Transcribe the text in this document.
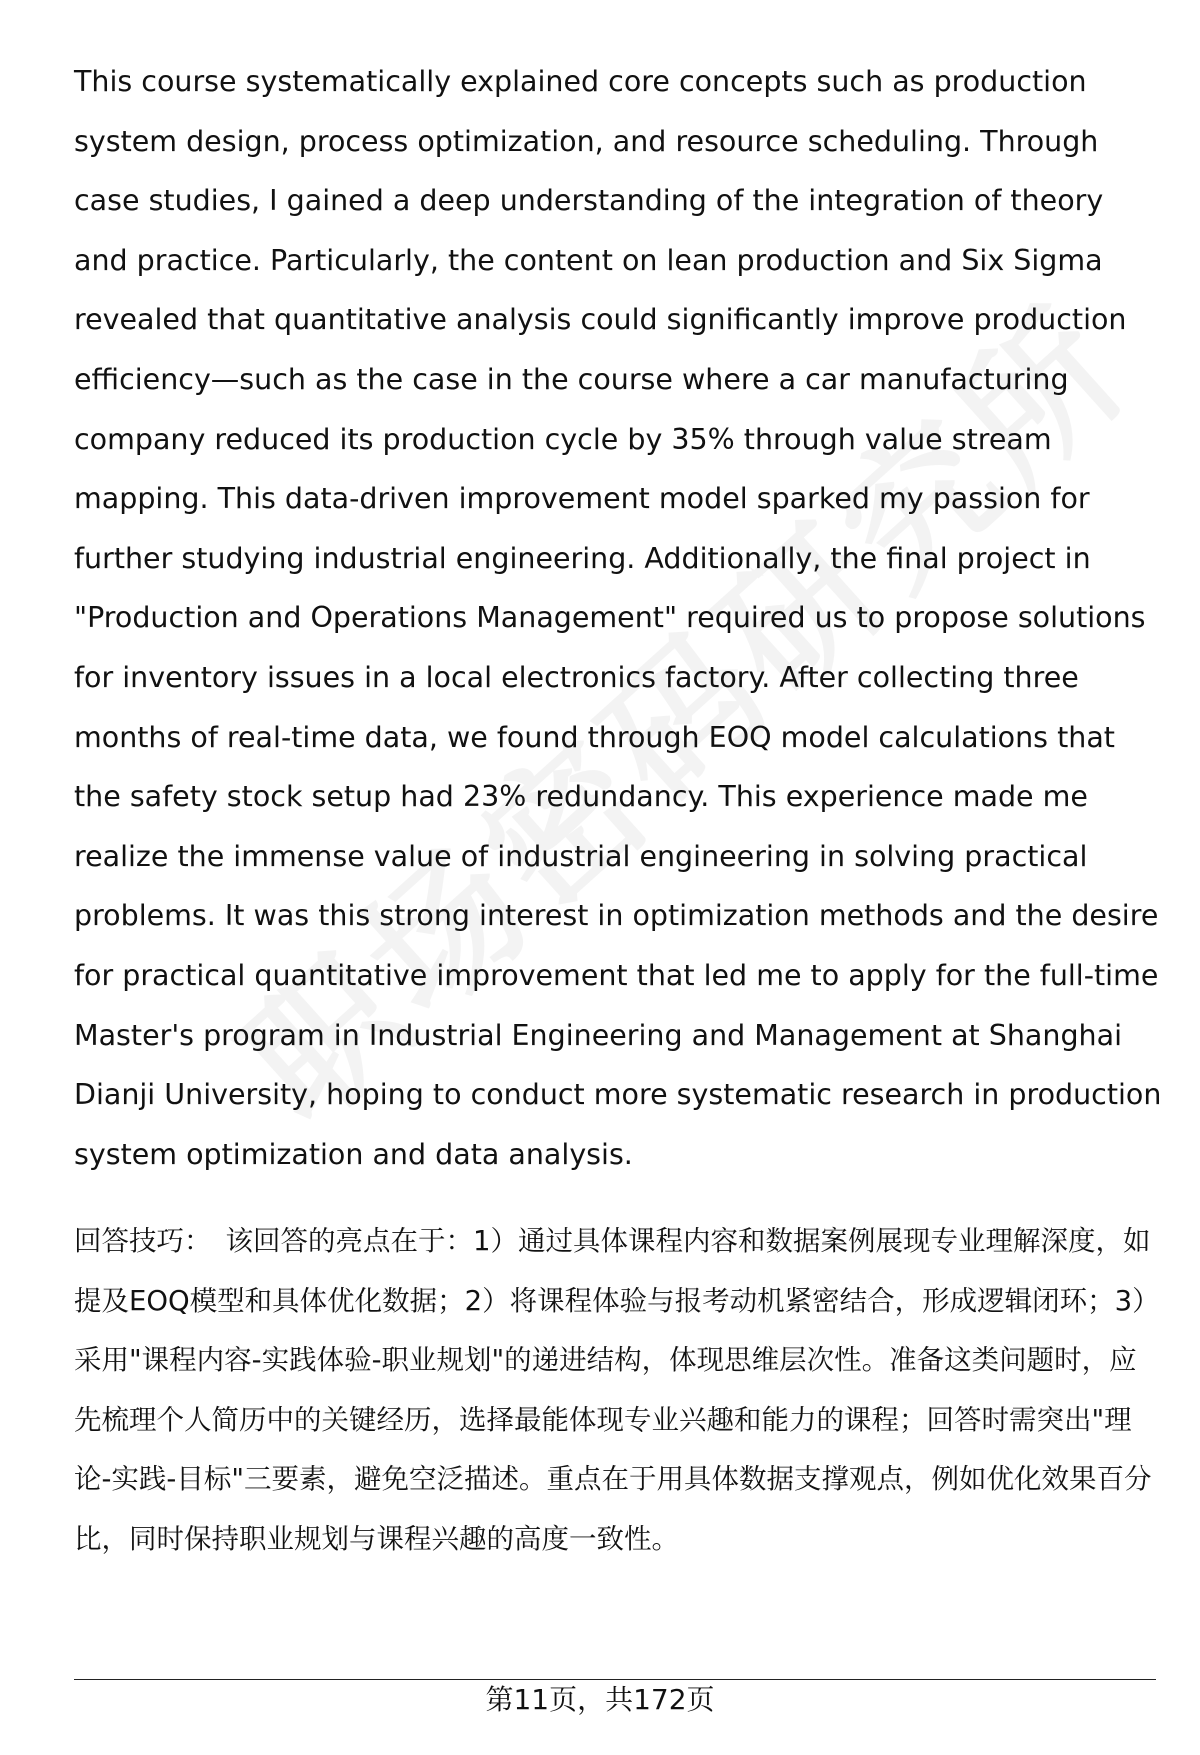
This course systematically explained core concepts such as production system design, process optimization, and resource scheduling. Through case studies, I gained a deep understanding of the integration of theory and practice. Particularly, the content on lean production and Six Sigma revealed that quantitative analysis could significantly improve production efficiency—such as the case in the course where a car manufacturing company reduced its production cycle by 35% through value stream mapping. This data-driven improvement model sparked my passion for further studying industrial engineering. Additionally, the final project in "Production and Operations Management" required us to propose solutions for inventory issues in a local electronics factory. After collecting three months of real-time data, we found through EOQ model calculations that the safety stock setup had 23% redundancy. This experience made me realize the immense value of industrial engineering in solving practical problems. It was this strong interest in optimization methods and the desire for practical quantitative improvement that led me to apply for the full-time Master's program in Industrial Engineering and Management at Shanghai Dianji University, hoping to conduct more systematic research in production system optimization and data analysis.

回答技巧： 该回答的亮点在于：1）通过具体课程内容和数据案例展现专业理解深度，如提及EOQ模型和具体优化数据；2）将课程体验与报考动机紧密结合，形成逻辑闭环；3）采用"课程内容-实践体验-职业规划"的递进结构，体现思维层次性。准备这类问题时，应先梳理个人简历中的关键经历，选择最能体现专业兴趣和能力的课程；回答时需突出"理论-实践-目标"三要素，避免空泛描述。重点在于用具体数据支撑观点，例如优化效果百分比，同时保持职业规划与课程兴趣的高度一致性。

第11页，共172页
